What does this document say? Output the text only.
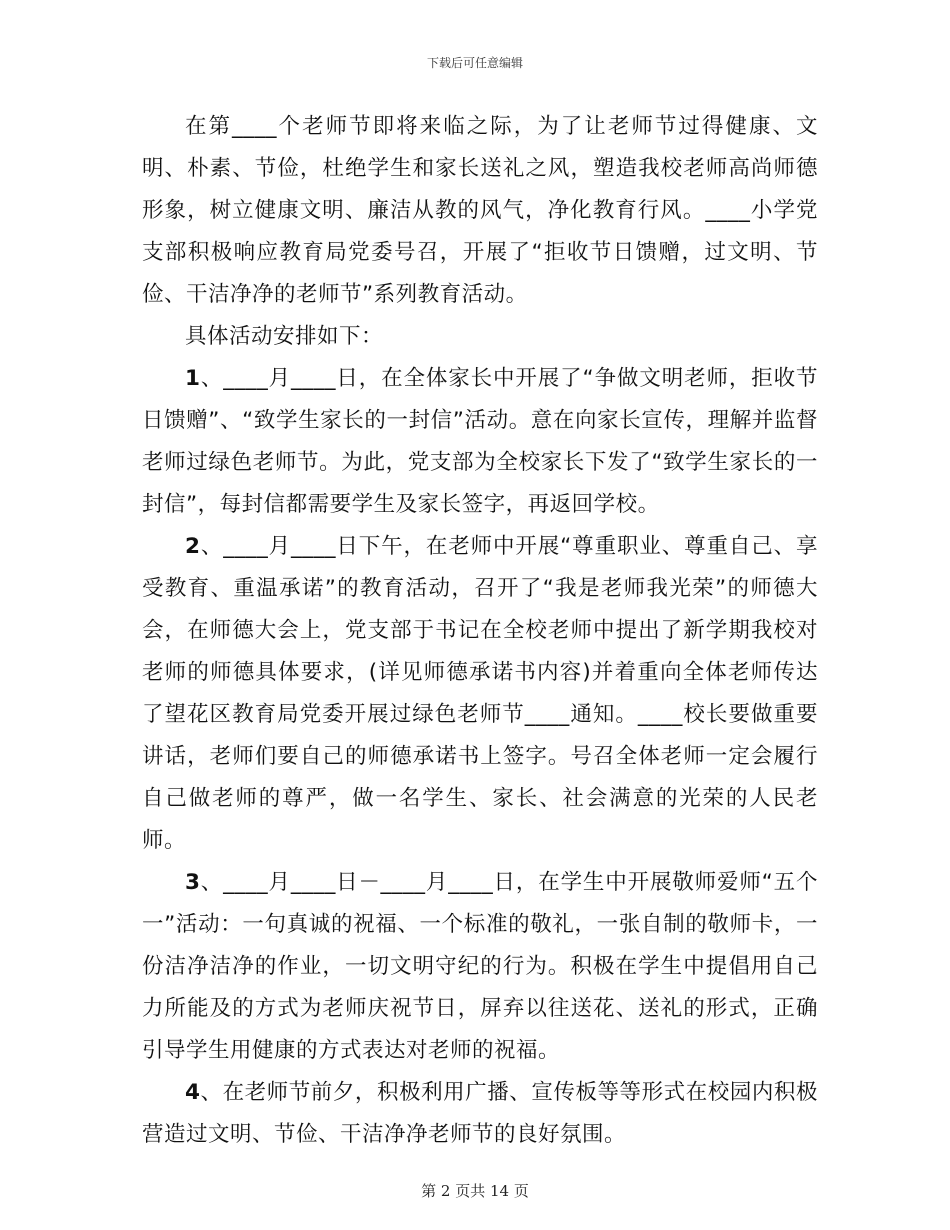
下载后可任意编辑

在第____个老师节即将来临之际，为了让老师节过得健康、文明、朴素、节俭，杜绝学生和家长送礼之风，塑造我校老师高尚师德形象，树立健康文明、廉洁从教的风气，净化教育行风。____小学党支部积极响应教育局党委号召，开展了“拒收节日馈赠，过文明、节俭、干洁净净的老师节”系列教育活动。

具体活动安排如下：

1、____月____日，在全体家长中开展了“争做文明老师，拒收节日馈赠”、“致学生家长的一封信”活动。意在向家长宣传，理解并监督老师过绿色老师节。为此，党支部为全校家长下发了“致学生家长的一封信”，每封信都需要学生及家长签字，再返回学校。

2、____月____日下午，在老师中开展“尊重职业、尊重自己、享受教育、重温承诺”的教育活动，召开了“我是老师我光荣”的师德大会，在师德大会上，党支部于书记在全校老师中提出了新学期我校对老师的师德具体要求，(详见师德承诺书内容)并着重向全体老师传达了望花区教育局党委开展过绿色老师节____通知。____校长要做重要讲话，老师们要自己的师德承诺书上签字。号召全体老师一定会履行自己做老师的尊严，做一名学生、家长、社会满意的光荣的人民老师。

3、____月____日－____月____日，在学生中开展敬师爱师“五个一”活动：一句真诚的祝福、一个标准的敬礼，一张自制的敬师卡，一份洁净洁净的作业，一切文明守纪的行为。积极在学生中提倡用自己力所能及的方式为老师庆祝节日，屏弃以往送花、送礼的形式，正确引导学生用健康的方式表达对老师的祝福。

4、在老师节前夕，积极利用广播、宣传板等等形式在校园内积极营造过文明、节俭、干洁净净老师节的良好氛围。

第 2 页共 14 页
